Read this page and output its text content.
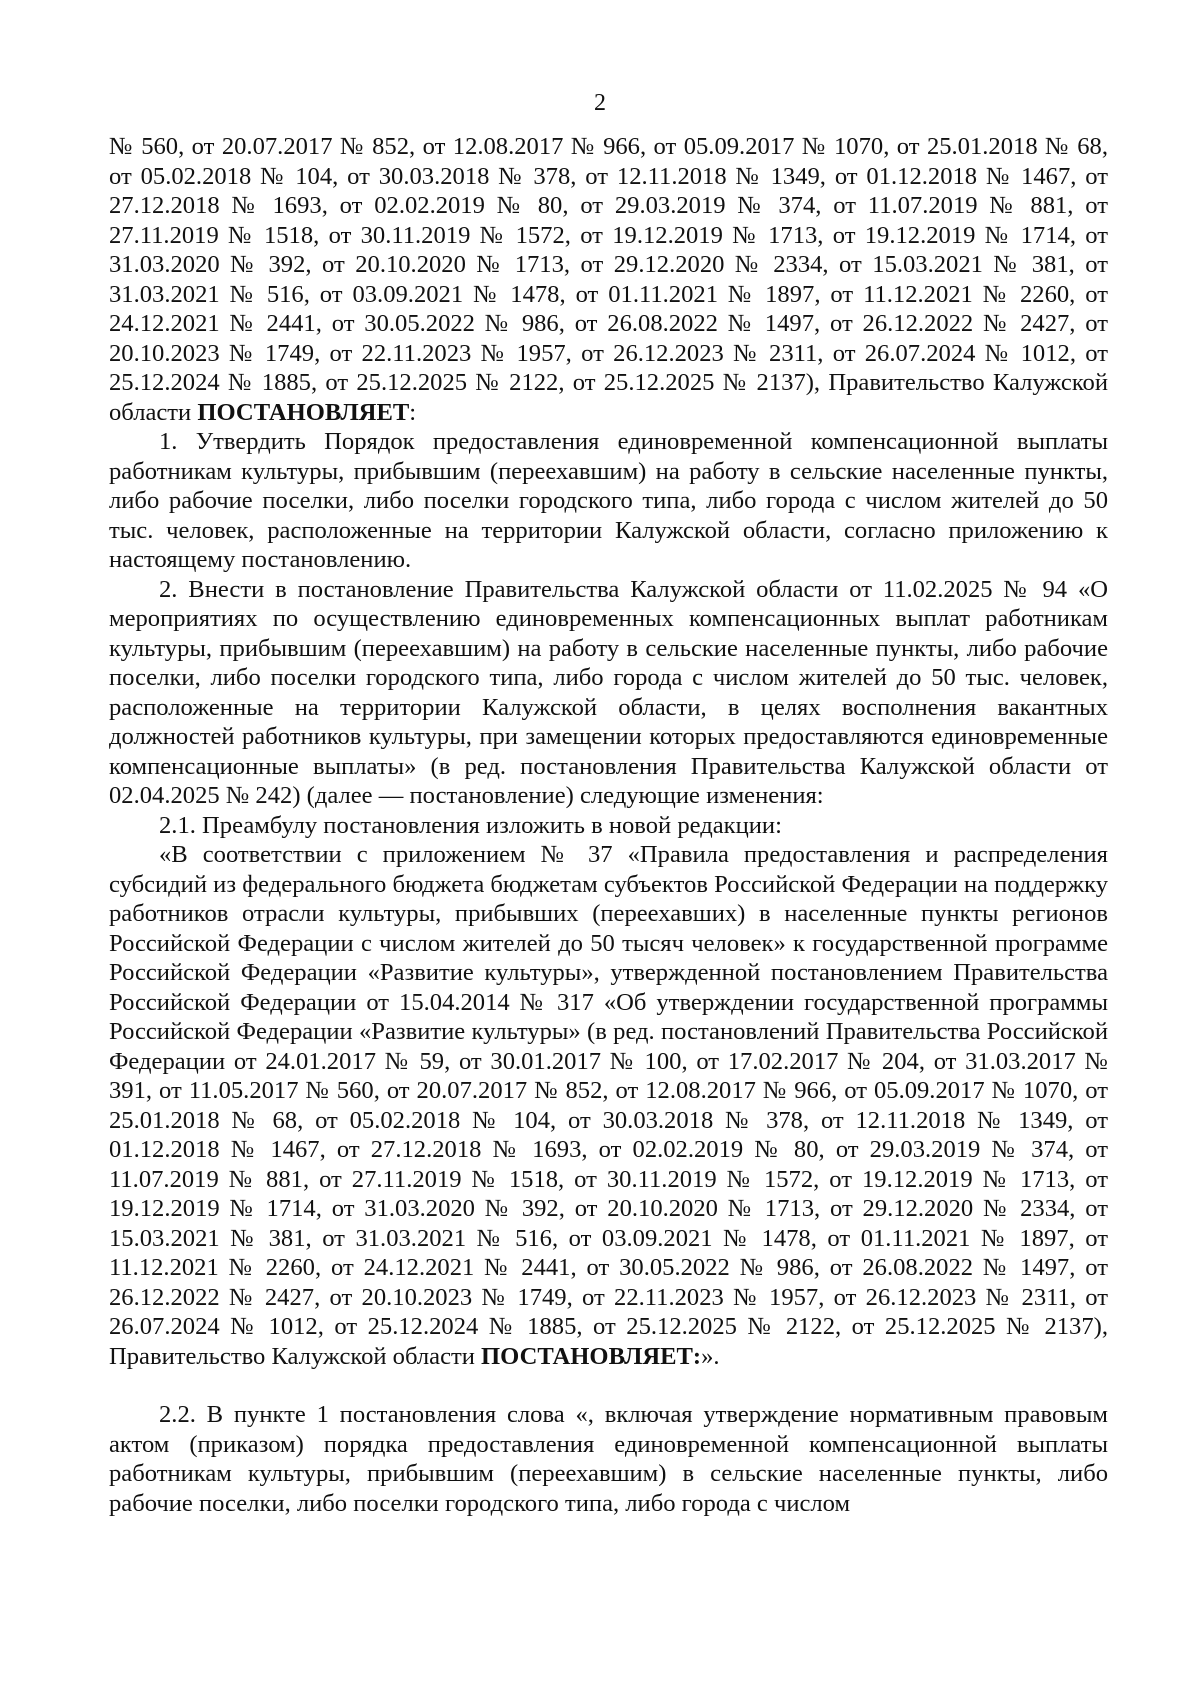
2

№ 560, от 20.07.2017 № 852, от 12.08.2017 № 966, от 05.09.2017 № 1070, от 25.01.2018 № 68, от 05.02.2018 № 104, от 30.03.2018 № 378, от 12.11.2018 № 1349, от 01.12.2018 № 1467, от 27.12.2018 № 1693, от 02.02.2019 № 80, от 29.03.2019 № 374, от 11.07.2019 № 881, от 27.11.2019 № 1518, от 30.11.2019 № 1572, от 19.12.2019 № 1713, от 19.12.2019 № 1714, от 31.03.2020 № 392, от 20.10.2020 № 1713, от 29.12.2020 № 2334, от 15.03.2021 № 381, от 31.03.2021 № 516, от 03.09.2021 № 1478, от 01.11.2021 № 1897, от 11.12.2021 № 2260, от 24.12.2021 № 2441, от 30.05.2022 № 986, от 26.08.2022 № 1497, от 26.12.2022 № 2427, от 20.10.2023 № 1749, от 22.11.2023 № 1957, от 26.12.2023 № 2311, от 26.07.2024 № 1012, от 25.12.2024 № 1885, от 25.12.2025 № 2122, от 25.12.2025 № 2137), Правительство Калужской области ПОСТАНОВЛЯЕТ:

1. Утвердить Порядок предоставления единовременной компенсационной выплаты работникам культуры, прибывшим (переехавшим) на работу в сельские населенные пункты, либо рабочие поселки, либо поселки городского типа, либо города с числом жителей до 50 тыс. человек, расположенные на территории Калужской области, согласно приложению к настоящему постановлению.

2. Внести в постановление Правительства Калужской области от 11.02.2025 № 94 «О мероприятиях по осуществлению единовременных компенсационных выплат работникам культуры, прибывшим (переехавшим) на работу в сельские населенные пункты, либо рабочие поселки, либо поселки городского типа, либо города с числом жителей до 50 тыс. человек, расположенные на территории Калужской области, в целях восполнения вакантных должностей работников культуры, при замещении которых предоставляются единовременные компенсационные выплаты» (в ред. постановления Правительства Калужской области от 02.04.2025 № 242) (далее — постановление) следующие изменения:

2.1. Преамбулу постановления изложить в новой редакции:

«В соответствии с приложением № 37 «Правила предоставления и распределения субсидий из федерального бюджета бюджетам субъектов Российской Федерации на поддержку работников отрасли культуры, прибывших (переехавших) в населенные пункты регионов Российской Федерации с числом жителей до 50 тысяч человек» к государственной программе Российской Федерации «Развитие культуры», утвержденной постановлением Правительства Российской Федерации от 15.04.2014 № 317 «Об утверждении государственной программы Российской Федерации «Развитие культуры» (в ред. постановлений Правительства Российской Федерации от 24.01.2017 № 59, от 30.01.2017 № 100, от 17.02.2017 № 204, от 31.03.2017 № 391, от 11.05.2017 № 560, от 20.07.2017 № 852, от 12.08.2017 № 966, от 05.09.2017 № 1070, от 25.01.2018 № 68, от 05.02.2018 № 104, от 30.03.2018 № 378, от 12.11.2018 № 1349, от 01.12.2018 № 1467, от 27.12.2018 № 1693, от 02.02.2019 № 80, от 29.03.2019 № 374, от 11.07.2019 № 881, от 27.11.2019 № 1518, от 30.11.2019 № 1572, от 19.12.2019 № 1713, от 19.12.2019 № 1714, от 31.03.2020 № 392, от 20.10.2020 № 1713, от 29.12.2020 № 2334, от 15.03.2021 № 381, от 31.03.2021 № 516, от 03.09.2021 № 1478, от 01.11.2021 № 1897, от 11.12.2021 № 2260, от 24.12.2021 № 2441, от 30.05.2022 № 986, от 26.08.2022 № 1497, от 26.12.2022 № 2427, от 20.10.2023 № 1749, от 22.11.2023 № 1957, от 26.12.2023 № 2311, от 26.07.2024 № 1012, от 25.12.2024 № 1885, от 25.12.2025 № 2122, от 25.12.2025 № 2137), Правительство Калужской области ПОСТАНОВЛЯЕТ:».

2.2. В пункте 1 постановления слова «, включая утверждение нормативным правовым актом (приказом) порядка предоставления единовременной компенсационной выплаты работникам культуры, прибывшим (переехавшим) в сельские населенные пункты, либо рабочие поселки, либо поселки городского типа, либо города с числом
